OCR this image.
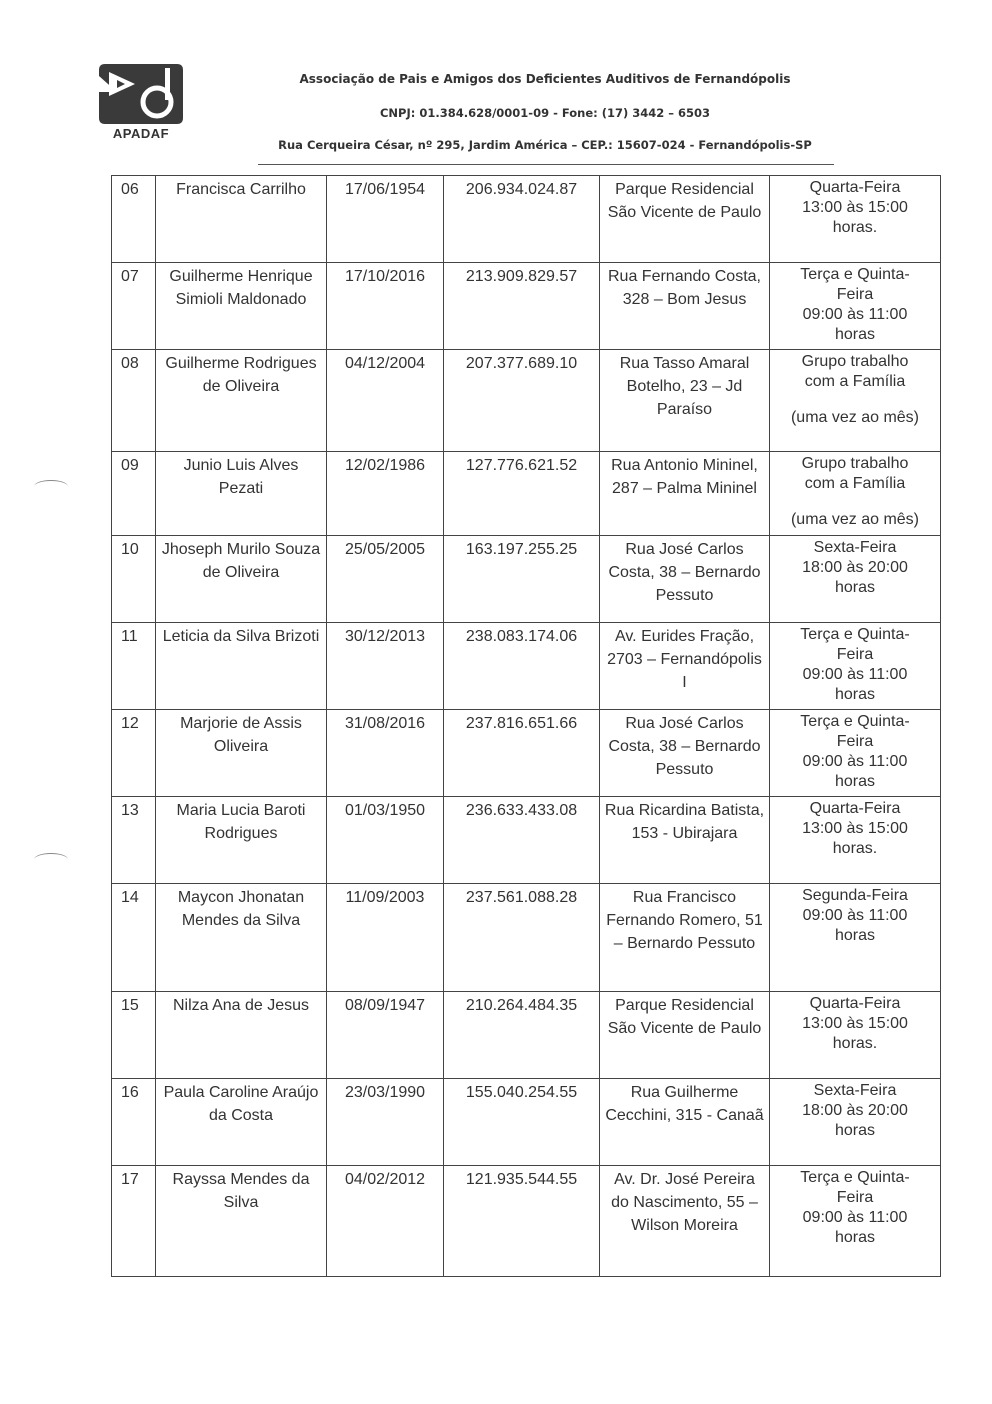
APADAF
Associação de Pais e Amigos dos Deficientes Auditivos de Fernandópolis
CNPJ: 01.384.628/0001-09 - Fone: (17) 3442 – 6503
Rua Cerqueira César, nº 295, Jardim América – CEP.: 15607-024 - Fernandópolis-SP
06	Francisca Carrilho	17/06/1954	206.934.024.87	Parque Residencial São Vicente de Paulo	Quarta-Feira
13:00 às 15:00
horas.

07	Guilherme Henrique Simioli Maldonado	17/10/2016	213.909.829.57	Rua Fernando Costa, 328 – Bom Jesus	Terça e Quinta-
Feira
09:00 às 11:00
horas

08	Guilherme Rodrigues de Oliveira	04/12/2004	207.377.689.10	Rua Tasso Amaral Botelho, 23 – Jd Paraíso	Grupo trabalho
com a Família
(uma vez ao mês)

09	Junio Luis Alves Pezati	12/02/1986	127.776.621.52	Rua Antonio Mininel, 287 – Palma Mininel	Grupo trabalho
com a Família
(uma vez ao mês)

10	Jhoseph Murilo Souza de Oliveira	25/05/2005	163.197.255.25	Rua José Carlos Costa, 38 – Bernardo Pessuto	Sexta-Feira
18:00 às 20:00
horas

11	Leticia da Silva Brizoti	30/12/2013	238.083.174.06	Av. Eurides Fração, 2703 – Fernandópolis I	Terça e Quinta-
Feira
09:00 às 11:00
horas

12	Marjorie de Assis Oliveira	31/08/2016	237.816.651.66	Rua José Carlos Costa, 38 – Bernardo Pessuto	Terça e Quinta-
Feira
09:00 às 11:00
horas

13	Maria Lucia Baroti Rodrigues	01/03/1950	236.633.433.08	Rua Ricardina Batista, 153 - Ubirajara	Quarta-Feira
13:00 às 15:00
horas.

14	Maycon Jhonatan Mendes da Silva	11/09/2003	237.561.088.28	Rua Francisco Fernando Romero, 51 – Bernardo Pessuto	Segunda-Feira
09:00 às 11:00
horas

15	Nilza Ana de Jesus	08/09/1947	210.264.484.35	Parque Residencial São Vicente de Paulo	Quarta-Feira
13:00 às 15:00
horas.

16	Paula Caroline Araújo da Costa	23/03/1990	155.040.254.55	Rua Guilherme Cecchini, 315 - Canaã	Sexta-Feira
18:00 às 20:00
horas

17	Rayssa Mendes da Silva	04/02/2012	121.935.544.55	Av. Dr. José Pereira do Nascimento, 55 – Wilson Moreira	Terça e Quinta-
Feira
09:00 às 11:00
horas
